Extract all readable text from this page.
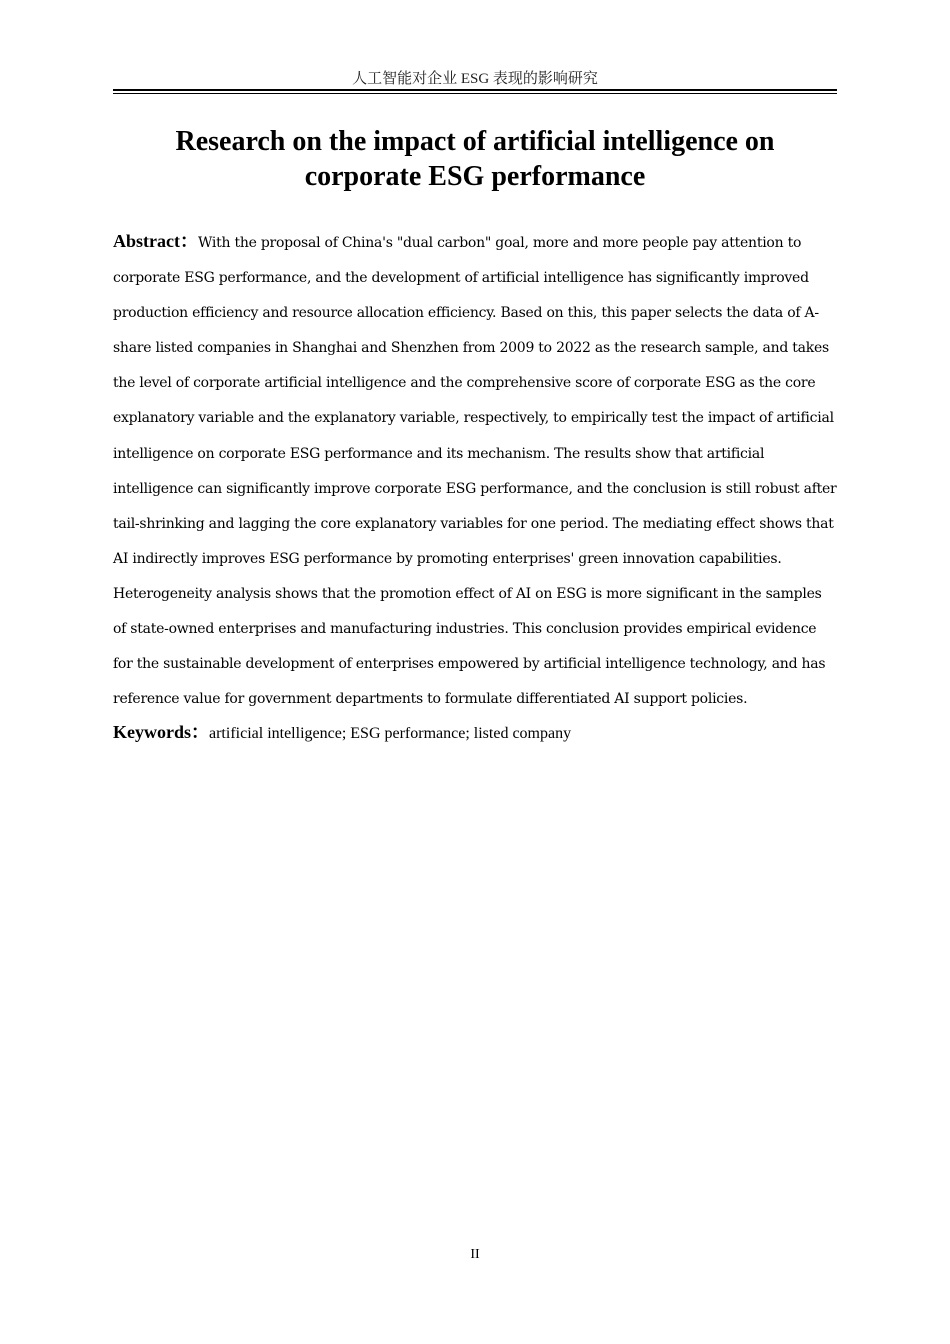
人工智能对企业 ESG 表现的影响研究
Research on the impact of artificial intelligence on
corporate ESG performance
Abstract：With the proposal of China's "dual carbon" goal, more and more people pay attention to corporate ESG performance, and the development of artificial intelligence has significantly improved production efficiency and resource allocation efficiency. Based on this, this paper selects the data of A-share listed companies in Shanghai and Shenzhen from 2009 to 2022 as the research sample, and takes the level of corporate artificial intelligence and the comprehensive score of corporate ESG as the core explanatory variable and the explanatory variable, respectively, to empirically test the impact of artificial intelligence on corporate ESG performance and its mechanism. The results show that artificial intelligence can significantly improve corporate ESG performance, and the conclusion is still robust after tail-shrinking and lagging the core explanatory variables for one period. The mediating effect shows that AI indirectly improves ESG performance by promoting enterprises' green innovation capabilities. Heterogeneity analysis shows that the promotion effect of AI on ESG is more significant in the samples of state-owned enterprises and manufacturing industries. This conclusion provides empirical evidence for the sustainable development of enterprises empowered by artificial intelligence technology, and has reference value for government departments to formulate differentiated AI support policies.
Keywords：artificial intelligence; ESG performance; listed company
II
